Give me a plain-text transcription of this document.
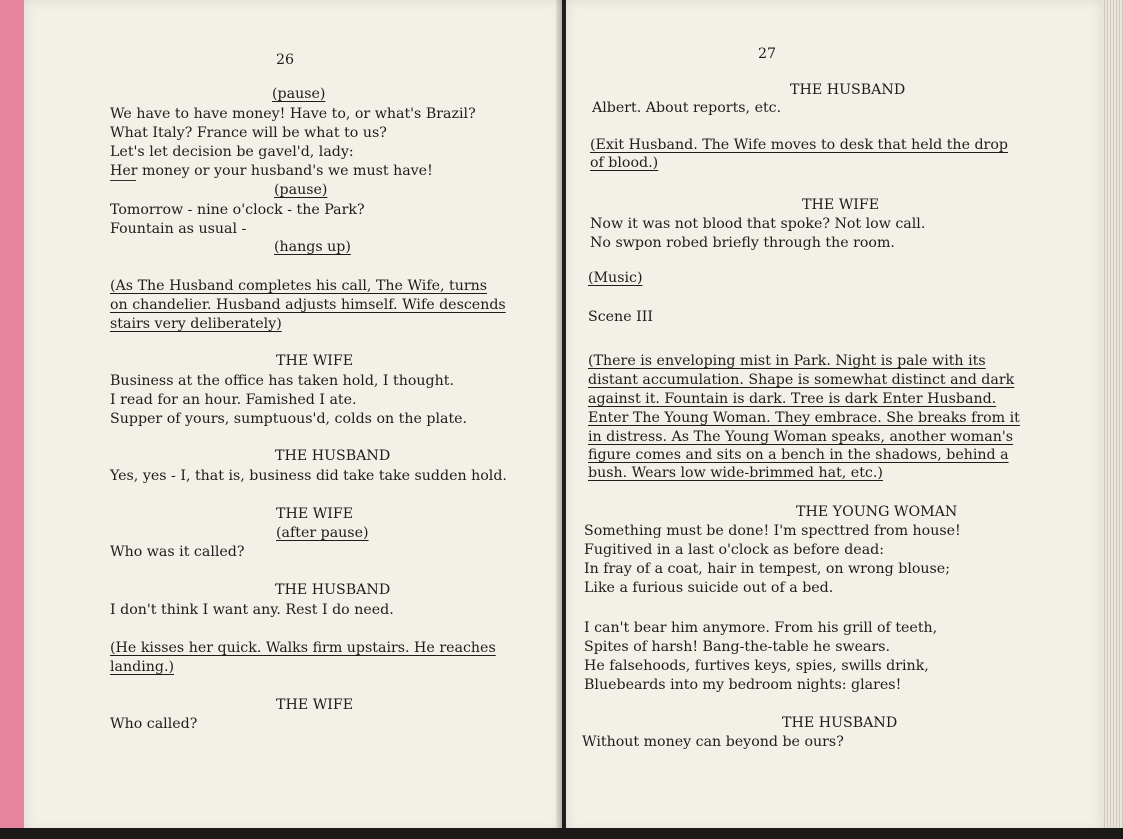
26
(pause)
We have to have money! Have to, or what's Brazil?
What Italy? France will be what to us?
Let's let decision be gavel'd, lady:
Her money or your husband's we must have!
(pause)
Tomorrow - nine o'clock - the Park?
Fountain as usual -
(hangs up)
(As The Husband completes his call, The Wife, turns
on chandelier. Husband adjusts himself. Wife descends
stairs very deliberately)
THE WIFE
Business at the office has taken hold, I thought.
I read for an hour. Famished I ate.
Supper of yours, sumptuous'd, colds on the plate.
THE HUSBAND
Yes, yes - I, that is, business did take take sudden hold.
THE WIFE
(after pause)
Who was it called?
THE HUSBAND
I don't think I want any. Rest I do need.
(He kisses her quick. Walks firm upstairs. He reaches
landing.)
THE WIFE
Who called?
27
THE HUSBAND
Albert. About reports, etc.
(Exit Husband. The Wife moves to desk that held the drop
of blood.)
THE WIFE
Now it was not blood that spoke? Not low call.
No swpon robed briefly through the room.
(Music)
Scene III
(There is enveloping mist in Park. Night is pale with its
distant accumulation. Shape is somewhat distinct and dark
against it. Fountain is dark. Tree is dark Enter Husband.
Enter The Young Woman. They embrace. She breaks from it
in distress. As The Young Woman speaks, another woman's
figure comes and sits on a bench in the shadows, behind a
bush. Wears low wide-brimmed hat, etc.)
THE YOUNG WOMAN
Something must be done! I'm specttred from house!
Fugitived in a last o'clock as before dead:
In fray of a coat, hair in tempest, on wrong blouse;
Like a furious suicide out of a bed.
I can't bear him anymore. From his grill of teeth,
Spites of harsh! Bang-the-table he swears.
He falsehoods, furtives keys, spies, swills drink,
Bluebeards into my bedroom nights: glares!
THE HUSBAND
Without money can beyond be ours?
